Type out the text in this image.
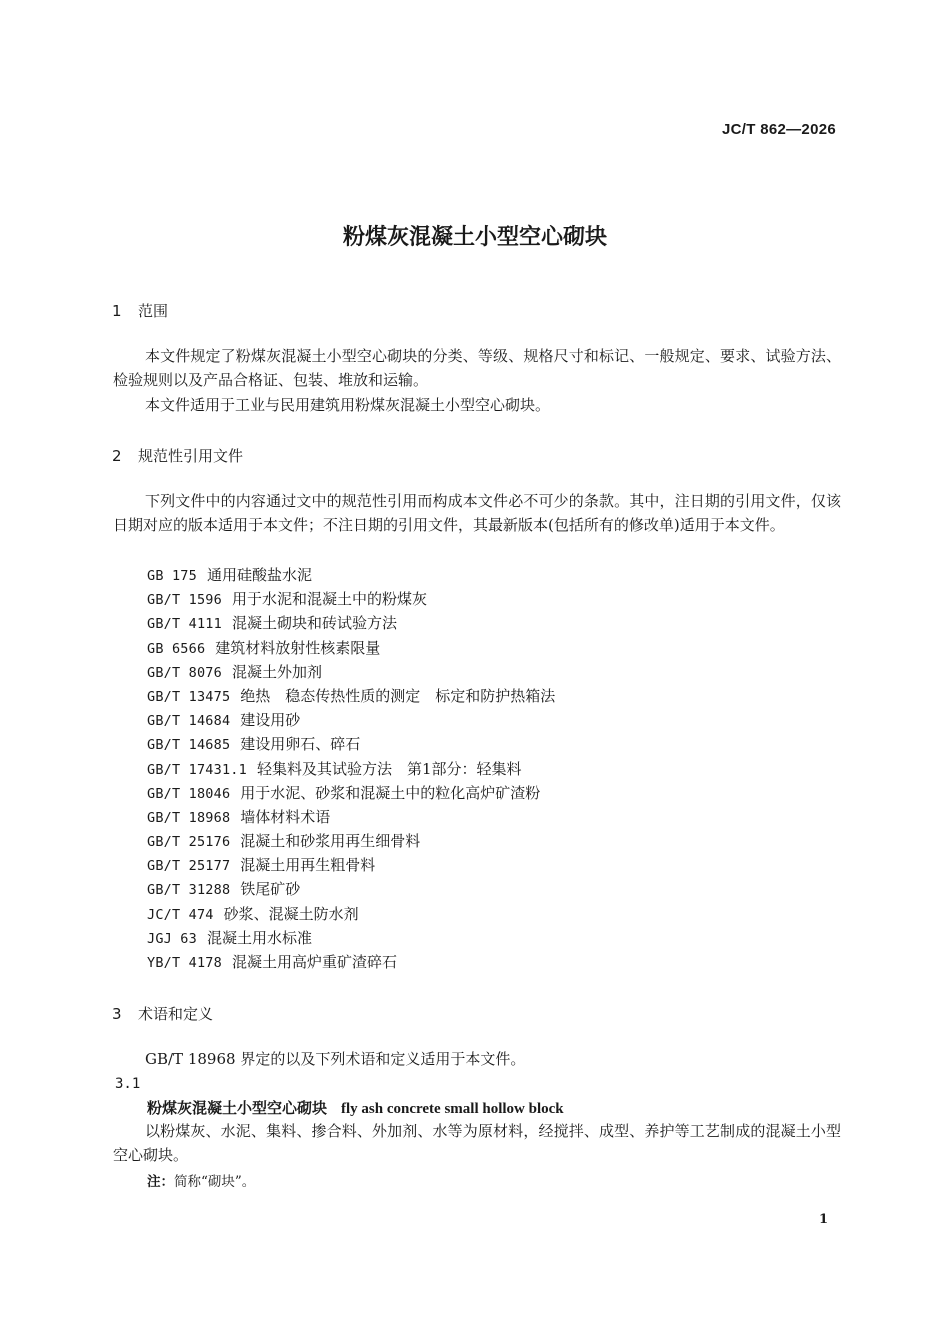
JC/T 862—2026
粉煤灰混凝土小型空心砌块
1 范围

本文件规定了粉煤灰混凝土小型空心砌块的分类、等级、规格尺寸和标记、一般规定、要求、试验方法、检验规则以及产品合格证、包装、堆放和运输。

本文件适用于工业与民用建筑用粉煤灰混凝土小型空心砌块。

2 规范性引用文件

下列文件中的内容通过文中的规范性引用而构成本文件必不可少的条款。其中，注日期的引用文件，仅该日期对应的版本适用于本文件；不注日期的引用文件，其最新版本(包括所有的修改单)适用于本文件。

GB 175 通用硅酸盐水泥
GB/T 1596 用于水泥和混凝土中的粉煤灰
GB/T 4111 混凝土砌块和砖试验方法
GB 6566 建筑材料放射性核素限量
GB/T 8076 混凝土外加剂
GB/T 13475 绝热　稳态传热性质的测定　标定和防护热箱法
GB/T 14684 建设用砂
GB/T 14685 建设用卵石、碎石
GB/T 17431.1 轻集料及其试验方法　第1部分：轻集料
GB/T 18046 用于水泥、砂浆和混凝土中的粒化高炉矿渣粉
GB/T 18968 墙体材料术语
GB/T 25176 混凝土和砂浆用再生细骨料
GB/T 25177 混凝土用再生粗骨料
GB/T 31288 铁尾矿砂
JC/T 474 砂浆、混凝土防水剂
JGJ 63 混凝土用水标准
YB/T 4178 混凝土用高炉重矿渣碎石
3 术语和定义

GB/T 18968 界定的以及下列术语和定义适用于本文件。

3.1
粉煤灰混凝土小型空心砌块 fly ash concrete small hollow block

以粉煤灰、水泥、集料、掺合料、外加剂、水等为原材料，经搅拌、成型、养护等工艺制成的混凝土小型空心砌块。

注：简称“砌块”。
1
